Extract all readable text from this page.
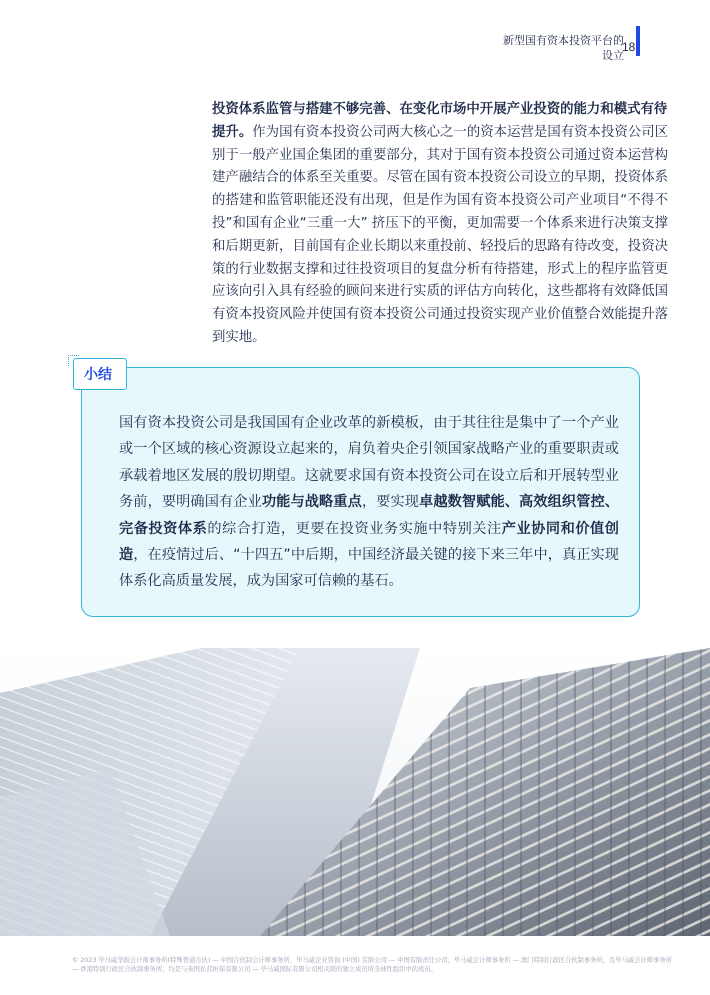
新型国有资本投资平台的
设立
18
投资体系监管与搭建不够完善、在变化市场中开展产业投资的能力和模式有待
提升。作为国有资本投资公司两大核心之一的资本运营是国有资本投资公司区别于一般产业国企集团的重要部分，其对于国有资本投资公司通过资本运营构建产融结合的体系至关重要。尽管在国有资本投资公司设立的早期，投资体系的搭建和监管职能还没有出现，但是作为国有资本投资公司产业项目“不得不投”和国有企业“三重一大” 挤压下的平衡，更加需要一个体系来进行决策支撑和后期更新，目前国有企业长期以来重投前、轻投后的思路有待改变，投资决策的行业数据支撑和过往投资项目的复盘分析有待搭建，形式上的程序监管更应该向引入具有经验的顾问来进行实质的评估方向转化，这些都将有效降低国有资本投资风险并使国有资本投资公司通过投资实现产业价值整合效能提升落到实地。
小结
国有资本投资公司是我国国有企业改革的新模板，由于其往往是集中了一个产业或一个区域的核心资源设立起来的，肩负着央企引领国家战略产业的重要职责或承载着地区发展的殷切期望。这就要求国有资本投资公司在设立后和开展转型业务前，要明确国有企业功能与战略重点，要实现卓越数智赋能、高效组织管控、完备投资体系的综合打造，更要在投资业务实施中特别关注产业协同和价值创造，在疫情过后、“十四五”中后期，中国经济最关键的接下来三年中，真正实现体系化高质量发展，成为国家可信赖的基石。
© 2023 毕马威华振会计师事务所(特殊普通合伙) — 中国合伙制会计师事务所，毕马威企业咨询 (中国) 有限公司 — 中国有限责任公司，毕马威会计师事务所 — 澳门特别行政区合伙制事务所，及毕马威会计师事务所 — 香港特别行政区合伙制事务所，均是与英国私营担保有限公司 — 毕马威国际有限公司相关联的独立成员所全球性组织中的成员。
